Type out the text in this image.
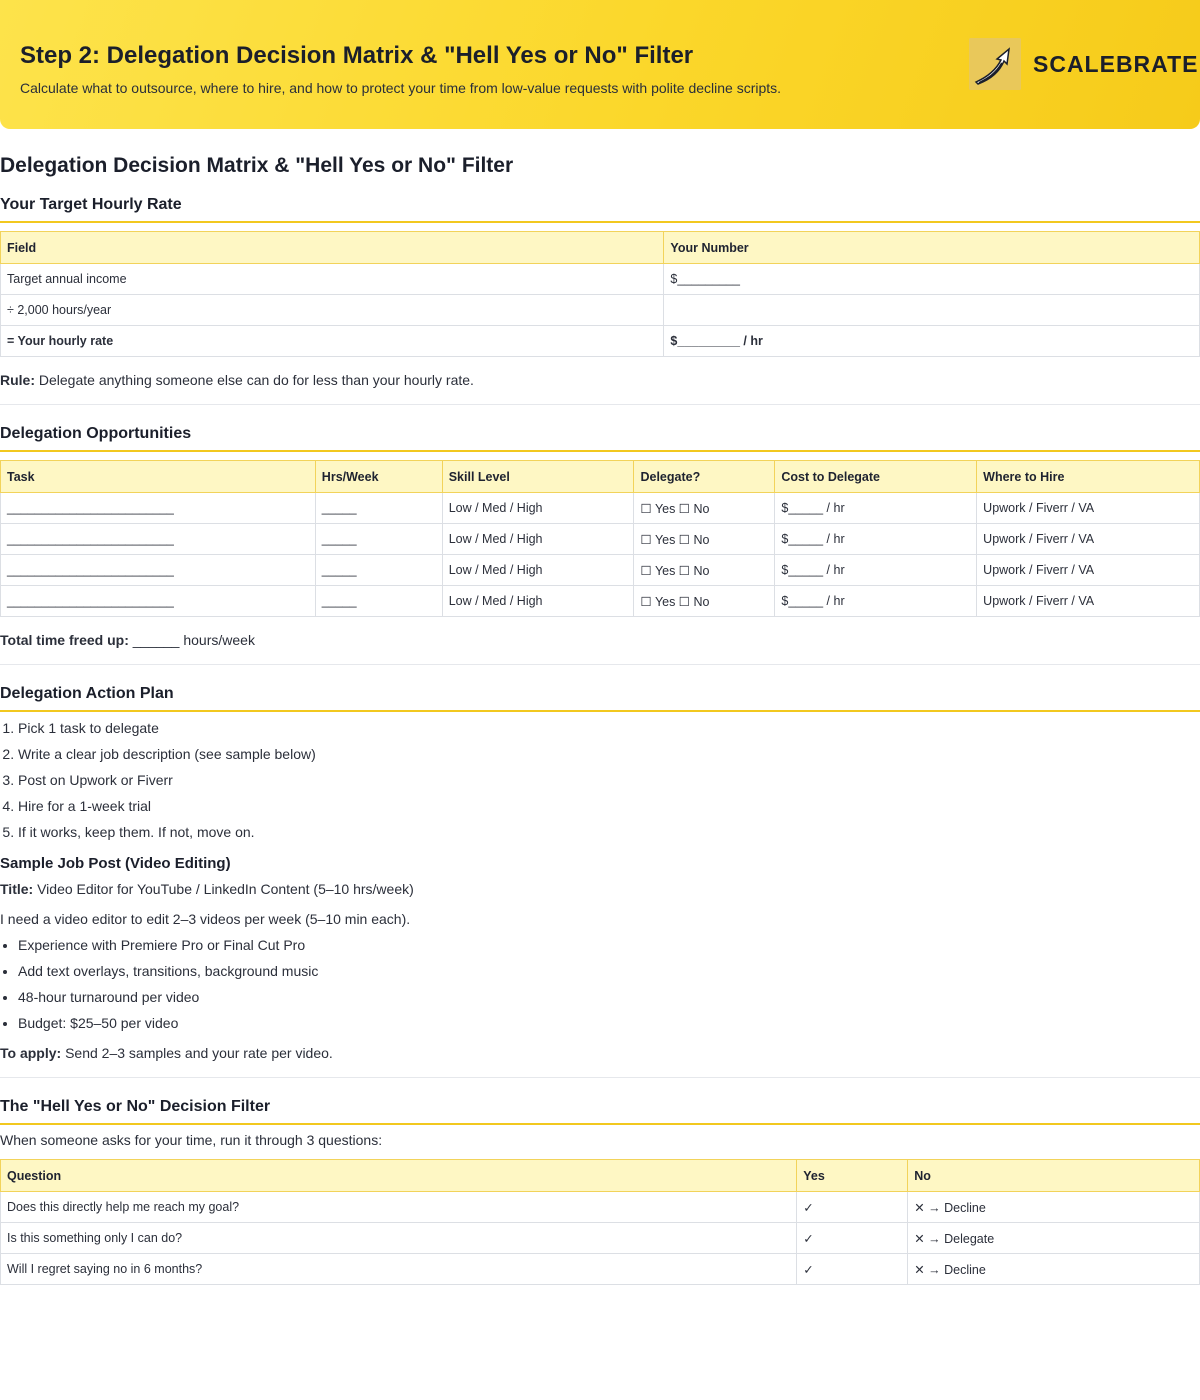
Step 2: Delegation Decision Matrix & "Hell Yes or No" Filter
Calculate what to outsource, where to hire, and how to protect your time from low-value requests with polite decline scripts.
SCALEBRATE
Delegation Decision Matrix & "Hell Yes or No" Filter
Your Target Hourly Rate
Field	Your Number
Target annual income	$_________
÷ 2,000 hours/year	
= Your hourly rate	$_________ / hr

Rule: Delegate anything someone else can do for less than your hourly rate.

Delegation Opportunities
Task	Hrs/Week	Skill Level	Delegate?	Cost to Delegate	Where to Hire
________________________	_____	Low / Med / High	☐ Yes ☐ No	$_____ / hr	Upwork / Fiverr / VA
________________________	_____	Low / Med / High	☐ Yes ☐ No	$_____ / hr	Upwork / Fiverr / VA
________________________	_____	Low / Med / High	☐ Yes ☐ No	$_____ / hr	Upwork / Fiverr / VA
________________________	_____	Low / Med / High	☐ Yes ☐ No	$_____ / hr	Upwork / Fiverr / VA

Total time freed up: ______ hours/week

Delegation Action Plan
1. Pick 1 task to delegate
2. Write a clear job description (see sample below)
3. Post on Upwork or Fiverr
4. Hire for a 1-week trial
5. If it works, keep them. If not, move on.
Sample Job Post (Video Editing)

Title: Video Editor for YouTube / LinkedIn Content (5–10 hrs/week)

I need a video editor to edit 2–3 videos per week (5–10 min each).

• Experience with Premiere Pro or Final Cut Pro
• Add text overlays, transitions, background music
• 48-hour turnaround per video
• Budget: $25–50 per video

To apply: Send 2–3 samples and your rate per video.

The "Hell Yes or No" Decision Filter

When someone asks for your time, run it through 3 questions:

Question	Yes	No
Does this directly help me reach my goal?	✓	✕ → Decline
Is this something only I can do?	✓	✕ → Delegate
Will I regret saying no in 6 months?	✓	✕ → Decline
